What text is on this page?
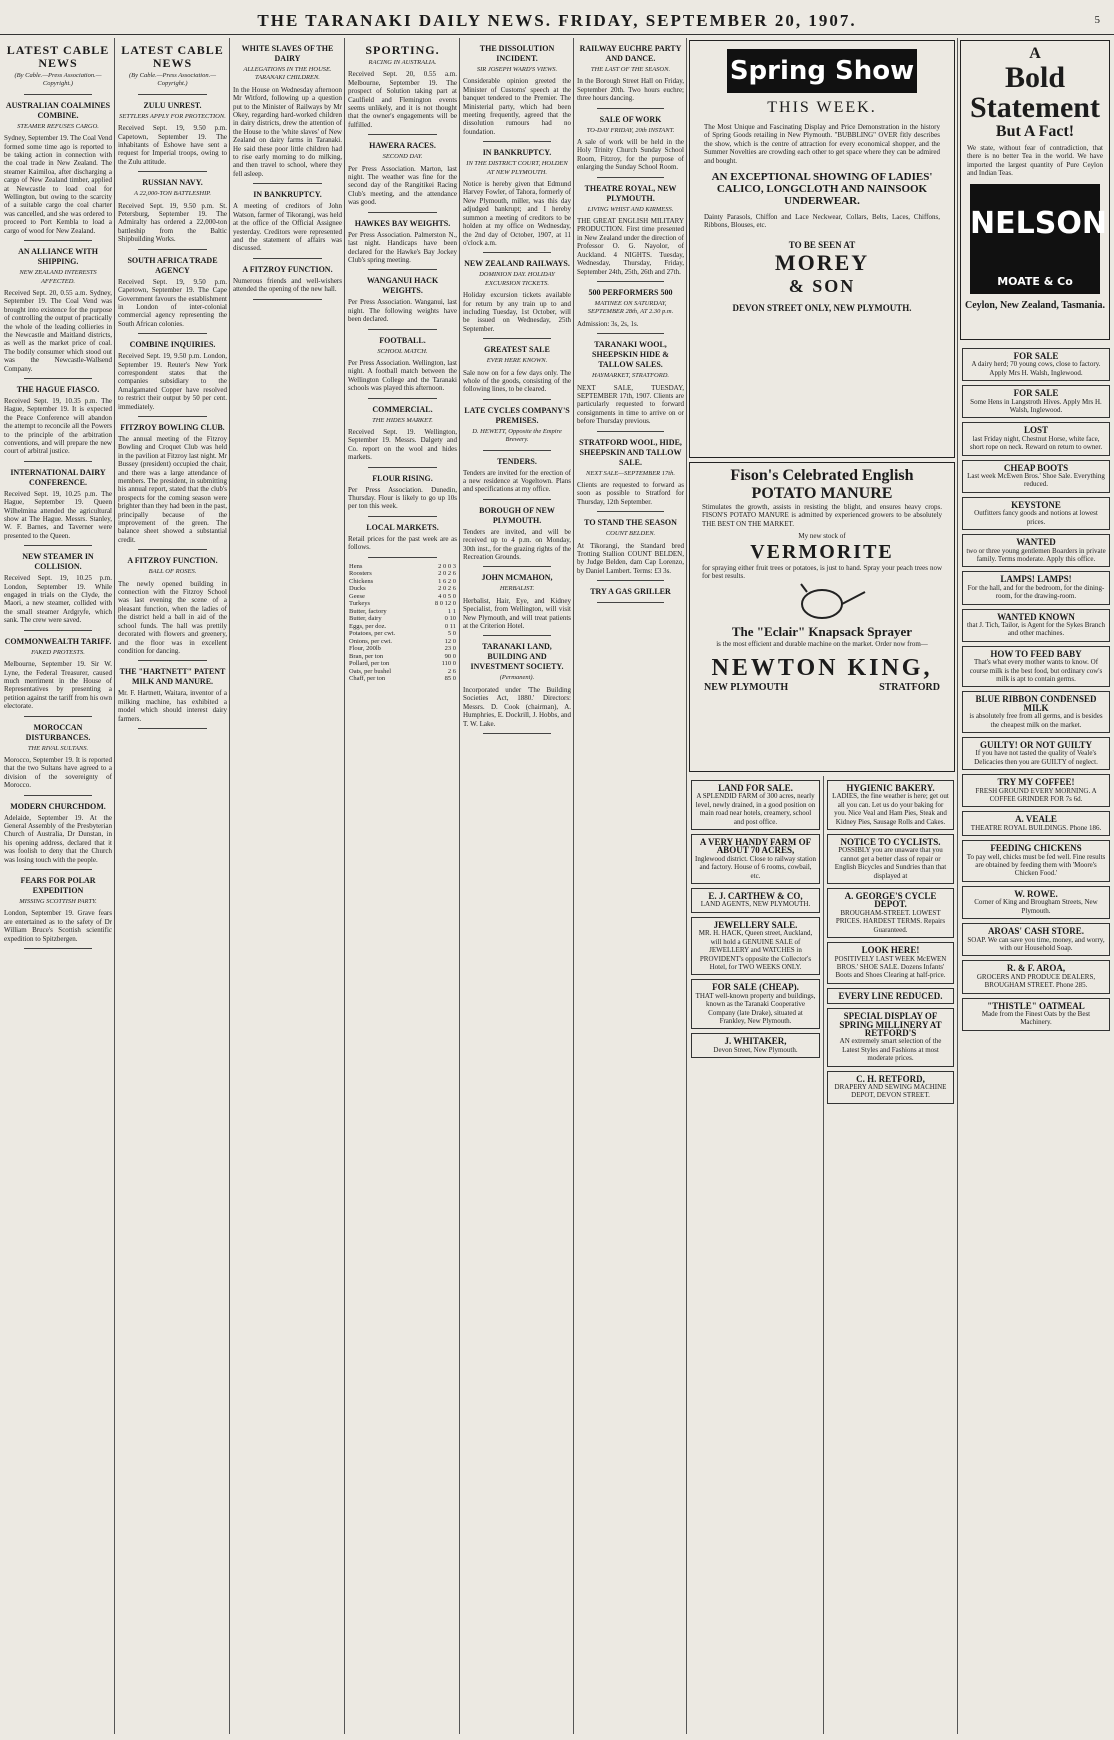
THE TARANAKI DAILY NEWS. FRIDAY, SEPTEMBER 20, 1907.	5
LATEST CABLE NEWS
(By Cable.—Press Association.—Copyright.)
AUSTRALIAN COALMINES COMBINE.
STEAMER REFUSES CARGO.
Sydney, September 19. The Coal Vend formed some time ago is reported to be taking action in connection with the coal trade in New Zealand. The steamer Kaimiloa, after discharging a cargo of New Zealand timber, applied at Newcastle to load coal for Wellington, but owing to the scarcity of a suitable cargo the coal charter was cancelled, and she was ordered to proceed to Port Kembla to load a cargo of wood for New Zealand.
AN ALLIANCE WITH SHIPPING.
NEW ZEALAND INTERESTS AFFECTED.
Received Sept. 20, 0.55 a.m. Sydney, September 19. The Coal Vend was brought into existence for the purpose of controlling the output of practically the whole of the leading collieries in the Newcastle and Maitland districts, as well as the market price of coal. The bodily consumer which stood out was the Newcastle-Wallsend Company.
THE HAGUE FIASCO.
Received Sept. 19, 10.35 p.m. The Hague, September 19. It is expected the Peace Conference will abandon the attempt to reconcile all the Powers to the principle of the arbitration conventions, and will prepare the new court of arbitral justice.
INTERNATIONAL DAIRY CONFERENCE.
Received Sept. 19, 10.25 p.m. The Hague, September 19. Queen Wilhelmina attended the agricultural show at The Hague. Messrs. Stanley, W. F. Barnes, and Taverner were presented to the Queen.
NEW STEAMER IN COLLISION.
Received Sept. 19, 10.25 p.m. London, September 19. While engaged in trials on the Clyde, the Maori, a new steamer, collided with the small steamer Ardgryfe, which sank. The crew were saved.
COMMONWEALTH TARIFF.
FAKED PROTESTS.
Melbourne, September 19. Sir W. Lyne, the Federal Treasurer, caused much merriment in the House of Representatives by presenting a petition against the tariff from his own electorate.
MOROCCAN DISTURBANCES.
THE RIVAL SULTANS.
Morocco, September 19. It is reported that the two Sultans have agreed to a division of the sovereignty of Morocco.
MODERN CHURCHDOM.
Adelaide, September 19. At the General Assembly of the Presbyterian Church of Australia, Dr Dunstan, in his opening address, declared that it was foolish to deny that the Church was losing touch with the people.
FEARS FOR POLAR EXPEDITION
MISSING SCOTTISH PARTY.
London, September 19. Grave fears are entertained as to the safety of Dr William Bruce's Scottish scientific expedition to Spitzbergen.
LATEST CABLE NEWS
(By Cable.—Press Association.—Copyright.)
ZULU UNREST.
SETTLERS APPLY FOR PROTECTION.
Received Sept. 19, 9.50 p.m. Capetown, September 19. The inhabitants of Eshowe have sent a request for Imperial troops, owing to the Zulu attitude.
RUSSIAN NAVY.
A 22,000-TON BATTLESHIP.
Received Sept. 19, 9.50 p.m. St. Petersburg, September 19. The Admiralty has ordered a 22,000-ton battleship from the Baltic Shipbuilding Works.
SOUTH AFRICA TRADE AGENCY
Received Sept. 19, 9.50 p.m. Capetown, September 19. The Cape Government favours the establishment in London of inter-colonial commercial agency representing the South African colonies.
COMBINE INQUIRIES.
Received Sept. 19, 9.50 p.m. London, September 19. Reuter's New York correspondent states that the companies subsidiary to the Amalgamated Copper have resolved to restrict their output by 50 per cent. immediately.
FITZROY BOWLING CLUB.
The annual meeting of the Fitzroy Bowling and Croquet Club was held in the pavilion at Fitzroy last night. Mr Bussey (president) occupied the chair, and there was a large attendance of members. The president, in submitting his annual report, stated that the club's prospects for the coming season were brighter than they had been in the past, principally because of the improvement of the green. The balance sheet showed a substantial credit.
A FITZROY FUNCTION.
BALL OF ROSES.
The newly opened building in connection with the Fitzroy School was last evening the scene of a pleasant function, when the ladies of the district held a ball in aid of the school funds. The hall was prettily decorated with flowers and greenery, and the floor was in excellent condition for dancing.
THE "HARTNETT" PATENT MILK AND MANURE.
Mr. F. Hartnett, Waitara, inventor of a milking machine, has exhibited a model which should interest dairy farmers.
WHITE SLAVES OF THE DAIRY
ALLEGATIONS IN THE HOUSE. TARANAKI CHILDREN.
In the House on Wednesday afternoon Mr Witford, following up a question put to the Minister of Railways by Mr Okey, regarding hard-worked children in dairy districts, drew the attention of the House to the 'white slaves' of New Zealand on dairy farms in Taranaki. He said these poor little children had to rise early morning to do milking, and then travel to school, where they fell asleep.
IN BANKRUPTCY.
A meeting of creditors of John Watson, farmer of Tikorangi, was held at the office of the Official Assignee yesterday. Creditors were represented and the statement of affairs was discussed.
A FITZROY FUNCTION.
Numerous friends and well-wishers attended the opening of the new hall.
SPORTING.
RACING IN AUSTRALIA.
Received Sept. 20, 0.55 a.m. Melbourne, September 19. The prospect of Solution taking part at Caulfield and Flemington events seems unlikely, and it is not thought that the owner's engagements will be fulfilled.
HAWERA RACES.
SECOND DAY.
Per Press Association. Marton, last night. The weather was fine for the second day of the Rangitikei Racing Club's meeting, and the attendance was good.
HAWKES BAY WEIGHTS.
Per Press Association. Palmerston N., last night. Handicaps have been declared for the Hawke's Bay Jockey Club's spring meeting.
WANGANUI HACK WEIGHTS.
Per Press Association. Wanganui, last night. The following weights have been declared.
FOOTBALL.
SCHOOL MATCH.
Per Press Association. Wellington, last night. A football match between the Wellington College and the Taranaki schools was played this afternoon.
COMMERCIAL.
THE HIDES MARKET.
Received Sept. 19. Wellington, September 19. Messrs. Dalgety and Co. report on the wool and hides markets.
FLOUR RISING.
Per Press Association. Dunedin, Thursday. Flour is likely to go up 10s per ton this week.
LOCAL MARKETS.
Retail prices for the past week are as follows.
Hens	2 0 0 3
Roosters	2 0 2 6
Chickens	1 6 2 0
Ducks	2 0 2 6
Geese	4 0 5 0
Turkeys	8 0 12 0
Butter, factory	1 1
Butter, dairy	0 10
Eggs, per doz.	0 11
Potatoes, per cwt.	5 0
Onions, per cwt.	12 0
Flour, 200lb	23 0
Bran, per ton	90 0
Pollard, per ton	110 0
Oats, per bushel	2 6
Chaff, per ton	85 0
THE DISSOLUTION INCIDENT.
SIR JOSEPH WARD'S VIEWS.
Considerable opinion greeted the Minister of Customs' speech at the banquet tendered to the Premier. The Ministerial party, which had been meeting frequently, agreed that the dissolution rumours had no foundation.
IN BANKRUPTCY.
IN THE DISTRICT COURT, HOLDEN AT NEW PLYMOUTH.
Notice is hereby given that Edmund Harvey Fowler, of Tahora, formerly of New Plymouth, miller, was this day adjudged bankrupt; and I hereby summon a meeting of creditors to be holden at my office on Wednesday, the 2nd day of October, 1907, at 11 o'clock a.m.
NEW ZEALAND RAILWAYS.
DOMINION DAY. HOLIDAY EXCURSION TICKETS.
Holiday excursion tickets available for return by any train up to and including Tuesday, 1st October, will be issued on Wednesday, 25th September.
GREATEST SALE
EVER HERE KNOWN.
Sale now on for a few days only. The whole of the goods, consisting of the following lines, to be cleared.
LATE CYCLES COMPANY'S PREMISES.
D. HEWETT, Opposite the Empire Brewery.
TENDERS.
Tenders are invited for the erection of a new residence at Vogeltown. Plans and specifications at my office.
BOROUGH OF NEW PLYMOUTH.
Tenders are invited, and will be received up to 4 p.m. on Monday, 30th inst., for the grazing rights of the Recreation Grounds.
JOHN MCMAHON,
HERBALIST.
Herbalist, Hair, Eye, and Kidney Specialist, from Wellington, will visit New Plymouth, and will treat patients at the Criterion Hotel.
TARANAKI LAND, BUILDING AND INVESTMENT SOCIETY.
(Permanent).
Incorporated under 'The Building Societies Act, 1880.' Directors: Messrs. D. Cook (chairman), A. Humphries, E. Dockrill, J. Hobbs, and T. W. Lake.
RAILWAY EUCHRE PARTY AND DANCE.
THE LAST OF THE SEASON.
In the Borough Street Hall on Friday, September 20th. Two hours euchre; three hours dancing.
SALE OF WORK
TO-DAY FRIDAY, 20th INSTANT.
A sale of work will be held in the Holy Trinity Church Sunday School Room, Fitzroy, for the purpose of enlarging the Sunday School Room.
THEATRE ROYAL, NEW PLYMOUTH.
LIVING WHIST AND KIRMESS.
THE GREAT ENGLISH MILITARY PRODUCTION. First time presented in New Zealand under the direction of Professor O. G. Nayolor, of Auckland. 4 NIGHTS. Tuesday, Wednesday, Thursday, Friday, September 24th, 25th, 26th and 27th.
500 PERFORMERS 500
MATINEE ON SATURDAY, SEPTEMBER 28th, AT 2.30 p.m.
Admission: 3s, 2s, 1s.
TARANAKI WOOL, SHEEPSKIN HIDE & TALLOW SALES.
HAYMARKET, STRATFORD.
NEXT SALE, TUESDAY, SEPTEMBER 17th, 1907. Clients are particularly requested to forward consignments in time to arrive on or before Thursday previous.
STRATFORD WOOL, HIDE, SHEEPSKIN AND TALLOW SALE.
NEXT SALE—SEPTEMBER 17th.
Clients are requested to forward as soon as possible to Stratford for Thursday, 12th September.
TO STAND THE SEASON
COUNT BELDEN.
At Tikorangi, the Standard bred Trotting Stallion COUNT BELDEN, by Judge Belden, dam Cap Lorenzo, by Daniel Lambert. Terms: £3 3s.
TRY A GAS GRILLER
Spring Show
THIS WEEK.
The Most Unique and Fascinating Display and Price Demonstration in the history of Spring Goods retailing in New Plymouth. "BUBBLING" OVER fitly describes the show, which is the centre of attraction for every economical shopper, and the Summer Novelties are crowding each other to get space where they can be admired and bought.
AN EXCEPTIONAL SHOWING OF LADIES' CALICO, LONGCLOTH AND NAINSOOK UNDERWEAR.
Dainty Parasols, Chiffon and Lace Neckwear, Collars, Belts, Laces, Chiffons, Ribbons, Blouses, etc.
TO BE SEEN AT
MOREY
& SON
DEVON STREET ONLY, NEW PLYMOUTH.
Fison's Celebrated English
POTATO MANURE
Stimulates the growth, assists in resisting the blight, and ensures heavy crops. FISON'S POTATO MANURE is admitted by experienced growers to be absolutely THE BEST ON THE MARKET.
My new stock of
VERMORITE
for spraying either fruit trees or potatoes, is just to hand. Spray your peach trees now for best results.
The "Eclair" Knapsack Sprayer
is the most efficient and durable machine on the market. Order now from—
NEWTON KING,
NEW PLYMOUTH	STRATFORD
LAND FOR SALE.
A SPLENDID FARM of 300 acres, nearly level, newly drained, in a good position on main road near hotels, creamery, school and post office.
A VERY HANDY FARM OF ABOUT 70 ACRES,
Inglewood district. Close to railway station and factory. House of 6 rooms, cowbail, etc.
E. J. CARTHEW & CO,
LAND AGENTS, NEW PLYMOUTH.
JEWELLERY SALE.
MR. H. HACK, Queen street, Auckland, will hold a GENUINE SALE of JEWELLERY and WATCHES in PROVIDENT's opposite the Collector's Hotel, for TWO WEEKS ONLY.
FOR SALE (CHEAP).
THAT well-known property and buildings, known as the Taranaki Cooperative Company (late Drake), situated at Frankley, New Plymouth.
J. WHITAKER,
Devon Street, New Plymouth.
HYGIENIC BAKERY.
LADIES, the fine weather is here; get out all you can. Let us do your baking for you. Nice Veal and Ham Pies, Steak and Kidney Pies, Sausage Rolls and Cakes.
NOTICE TO CYCLISTS.
POSSIBLY you are unaware that you cannot get a better class of repair or English Bicycles and Sundries than that displayed at
A. GEORGE'S CYCLE DEPOT.
BROUGHAM-STREET. LOWEST PRICES. HARDEST TERMS. Repairs Guaranteed.
LOOK HERE!
POSITIVELY LAST WEEK McEWEN BROS.' SHOE SALE. Dozens Infants' Boots and Shoes Clearing at half-price.
EVERY LINE REDUCED.
SPECIAL DISPLAY OF SPRING MILLINERY AT RETFORD'S
AN extremely smart selection of the Latest Styles and Fashions at most moderate prices.
C. H. RETFORD,
DRAPERY AND SEWING MACHINE DEPOT, DEVON STREET.
A
Bold Statement
But A Fact!
We state, without fear of contradiction, that there is no better Tea in the world. We have imported the largest quantity of Pure Ceylon and Indian Teas.
NELSON
MOATE & Co
Ceylon, New Zealand, Tasmania.
FOR SALE
A dairy herd; 70 young cows, close to factory. Apply Mrs H. Walsh, Inglewood.
FOR SALE
Some Hens in Langstroth Hives. Apply Mrs H. Walsh, Inglewood.
LOST
last Friday night, Chestnut Horse, white face, short rope on neck. Reward on return to owner.
CHEAP BOOTS
Last week McEwen Bros.' Shoe Sale. Everything reduced.
KEYSTONE
Outfitters fancy goods and notions at lowest prices.
WANTED
two or three young gentlemen Boarders in private family. Terms moderate. Apply this office.
LAMPS! LAMPS!
For the hall, and for the bedroom, for the dining-room, for the drawing-room.
WANTED KNOWN
that J. Tich, Tailor, is Agent for the Sykes Branch and other machines.
HOW TO FEED BABY
That's what every mother wants to know. Of course milk is the best food, but ordinary cow's milk is apt to contain germs.
BLUE RIBBON CONDENSED MILK
is absolutely free from all germs, and is besides the cheapest milk on the market.
GUILTY! OR NOT GUILTY
If you have not tasted the quality of Veale's Delicacies then you are GUILTY of neglect.
TRY MY COFFEE!
FRESH GROUND EVERY MORNING. A COFFEE GRINDER FOR 7s 6d.
A. VEALE
THEATRE ROYAL BUILDINGS. Phone 186.
FEEDING CHICKENS
To pay well, chicks must be fed well. Fine results are obtained by feeding them with 'Moore's Chicken Food.'
W. ROWE.
Corner of King and Brougham Streets, New Plymouth.
AROAS' CASH STORE.
SOAP. We can save you time, money, and worry, with our Household Soap.
R. & F. AROA,
GROCERS AND PRODUCE DEALERS, BROUGHAM STREET. Phone 285.
"THISTLE" OATMEAL
Made from the Finest Oats by the Best Machinery.
